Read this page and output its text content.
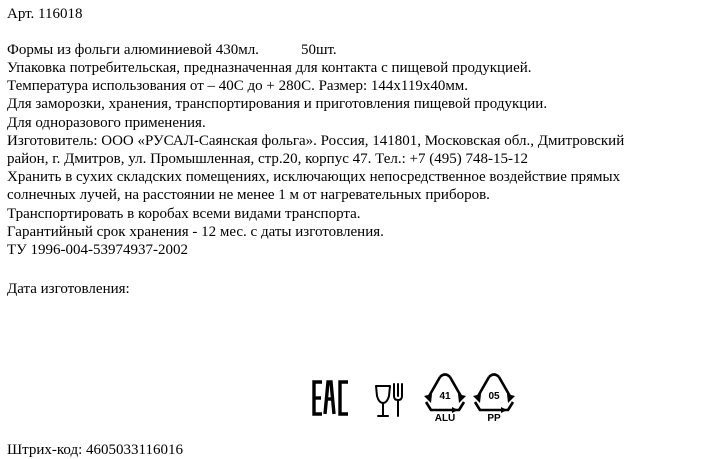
Арт. 116018
Формы из фольги алюминиевой 430мл.	50шт.
Упаковка потребительская, предназначенная для контакта с пищевой продукцией.
Температура использования от – 40С до + 280С. Размер: 144х119х40мм.
Для заморозки, хранения, транспортирования и приготовления пищевой продукции.
Для одноразового применения.
Изготовитель: ООО «РУСАЛ-Саянская фольга». Россия, 141801, Московская обл., Дмитровский
район, г. Дмитров, ул. Промышленная, стр.20, корпус 47. Тел.: +7 (495) 748-15-12
Хранить в сухих складских помещениях, исключающих непосредственное воздействие прямых
солнечных лучей, на расстоянии не менее 1 м от нагревательных приборов.
Транспортировать в коробах всеми видами транспорта.
Гарантийный срок хранения - 12 мес. с даты изготовления.
ТУ 1996-004-53974937-2002
Дата изготовления:
41
ALU
05
PP
Штрих-код: 4605033116016
